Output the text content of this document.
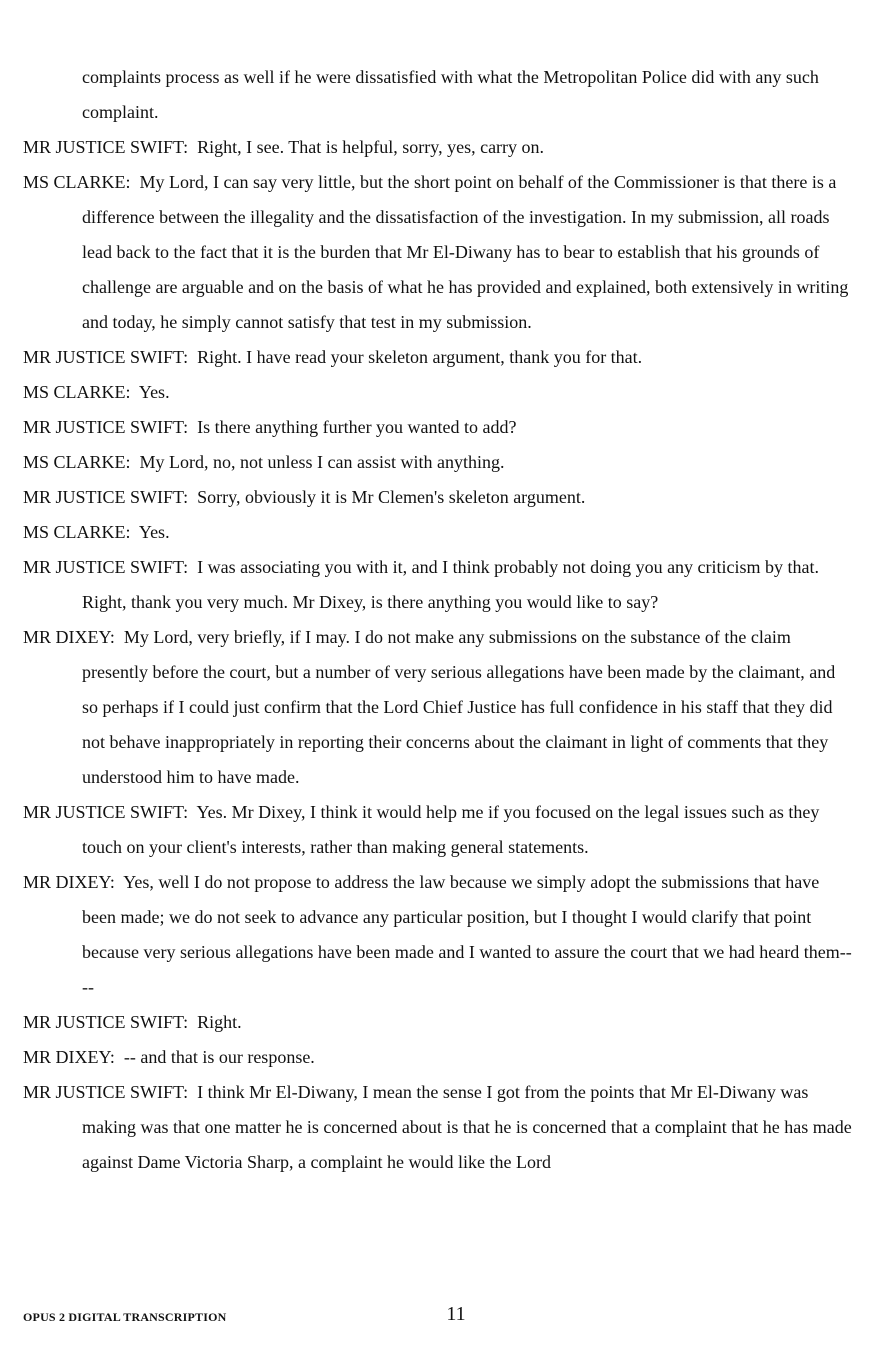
complaints process as well if he were dissatisfied with what the Metropolitan Police did with any such complaint.

MR JUSTICE SWIFT: Right, I see. That is helpful, sorry, yes, carry on.

MS CLARKE: My Lord, I can say very little, but the short point on behalf of the Commissioner is that there is a difference between the illegality and the dissatisfaction of the investigation. In my submission, all roads lead back to the fact that it is the burden that Mr El-Diwany has to bear to establish that his grounds of challenge are arguable and on the basis of what he has provided and explained, both extensively in writing and today, he simply cannot satisfy that test in my submission.

MR JUSTICE SWIFT: Right. I have read your skeleton argument, thank you for that.

MS CLARKE: Yes.

MR JUSTICE SWIFT: Is there anything further you wanted to add?

MS CLARKE: My Lord, no, not unless I can assist with anything.

MR JUSTICE SWIFT: Sorry, obviously it is Mr Clemen's skeleton argument.

MS CLARKE: Yes.

MR JUSTICE SWIFT: I was associating you with it, and I think probably not doing you any criticism by that. Right, thank you very much. Mr Dixey, is there anything you would like to say?

MR DIXEY: My Lord, very briefly, if I may. I do not make any submissions on the substance of the claim presently before the court, but a number of very serious allegations have been made by the claimant, and so perhaps if I could just confirm that the Lord Chief Justice has full confidence in his staff that they did not behave inappropriately in reporting their concerns about the claimant in light of comments that they understood him to have made.

MR JUSTICE SWIFT: Yes. Mr Dixey, I think it would help me if you focused on the legal issues such as they touch on your client's interests, rather than making general statements.

MR DIXEY: Yes, well I do not propose to address the law because we simply adopt the submissions that have been made; we do not seek to advance any particular position, but I thought I would clarify that point because very serious allegations have been made and I wanted to assure the court that we had heard them----

MR JUSTICE SWIFT: Right.

MR DIXEY: -- and that is our response.

MR JUSTICE SWIFT: I think Mr El-Diwany, I mean the sense I got from the points that Mr El-Diwany was making was that one matter he is concerned about is that he is concerned that a complaint that he has made against Dame Victoria Sharp, a complaint he would like the Lord

OPUS 2 DIGITAL TRANSCRIPTION	11
